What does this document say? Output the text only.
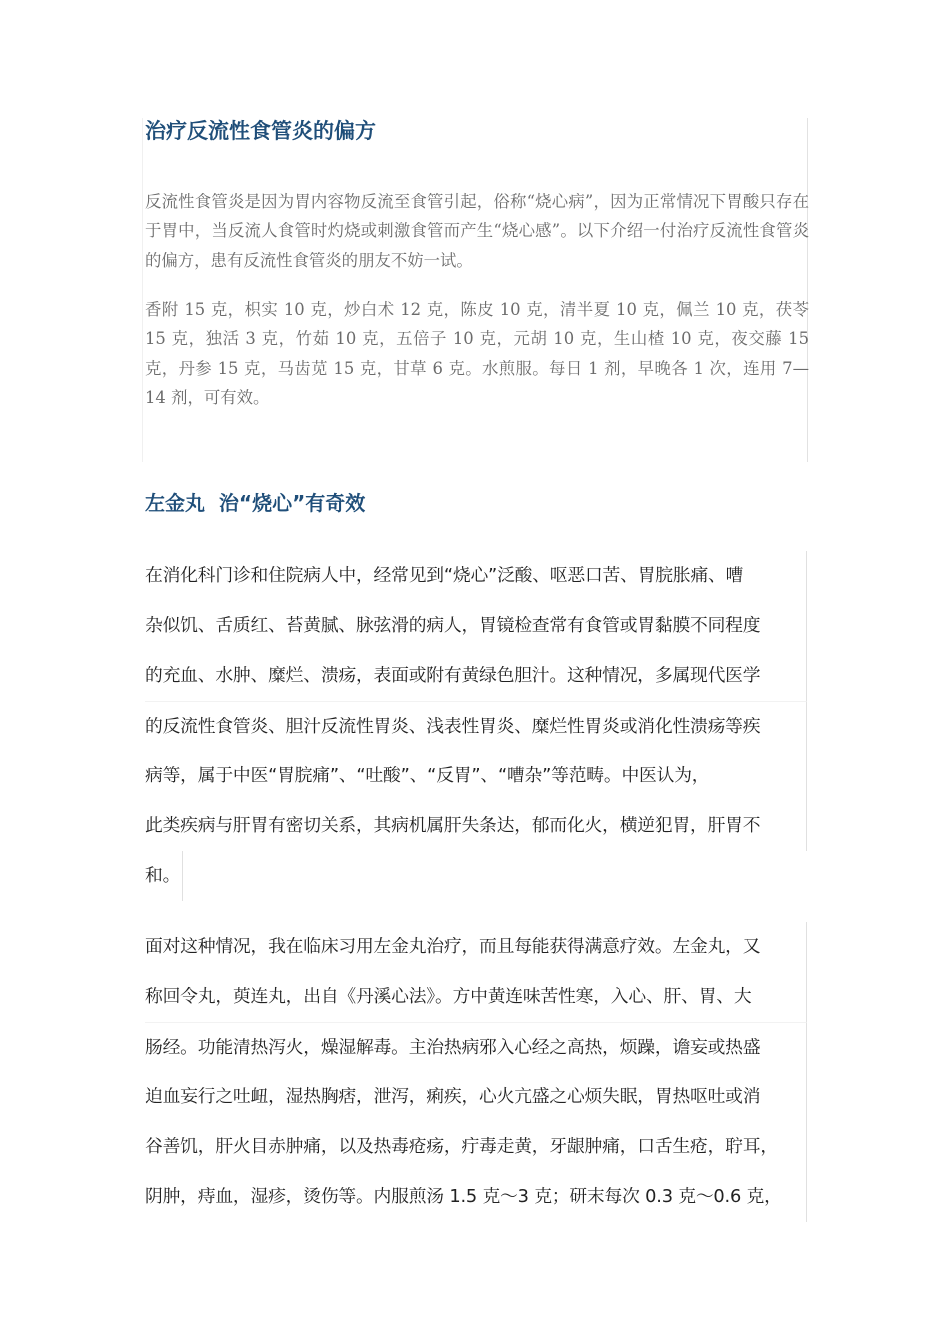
治疗反流性食管炎的偏方

反流性食管炎是因为胃内容物反流至食管引起，俗称“烧心病”，因为正常情况下胃酸只存在于胃中，当反流人食管时灼烧或刺激食管而产生“烧心感”。以下介绍一付治疗反流性食管炎的偏方，患有反流性食管炎的朋友不妨一试。

香附 15 克，枳实 10 克，炒白术 12 克，陈皮 10 克，清半夏 10 克，佩兰 10 克，茯苓 15 克，独活 3 克，竹茹 10 克，五倍子 10 克，元胡 10 克，生山楂 10 克，夜交藤 15 克，丹参 15 克，马齿苋 15 克，甘草 6 克。水煎服。每日 1 剂，早晚各 1 次，连用 7—14 剂，可有效。

左金丸  治“烧心”有奇效
在消化科门诊和住院病人中，经常见到“烧心”泛酸、呕恶口苦、胃脘胀痛、嘈
杂似饥、舌质红、苔黄腻、脉弦滑的病人，胃镜检查常有食管或胃黏膜不同程度
的充血、水肿、糜烂、溃疡，表面或附有黄绿色胆汁。这种情况，多属现代医学
的反流性食管炎、胆汁反流性胃炎、浅表性胃炎、糜烂性胃炎或消化性溃疡等疾
病等，属于中医“胃脘痛”、“吐酸”、“反胃”、“嘈杂”等范畴。中医认为，
此类疾病与肝胃有密切关系，其病机属肝失条达，郁而化火，横逆犯胃，肝胃不
和。
面对这种情况，我在临床习用左金丸治疗，而且每能获得满意疗效。左金丸，又
称回令丸，萸连丸，出自《丹溪心法》。方中黄连味苦性寒，入心、肝、胃、大
肠经。功能清热泻火，燥湿解毒。主治热病邪入心经之高热，烦躁，谵妄或热盛
迫血妄行之吐衄，湿热胸痞，泄泻，痢疾，心火亢盛之心烦失眠，胃热呕吐或消
谷善饥，肝火目赤肿痛，以及热毒疮疡，疔毒走黄，牙龈肿痛，口舌生疮，聍耳，
阴肿，痔血，湿疹，烫伤等。内服煎汤 1.5 克～3 克；研末每次 0.3 克～0.6 克，
